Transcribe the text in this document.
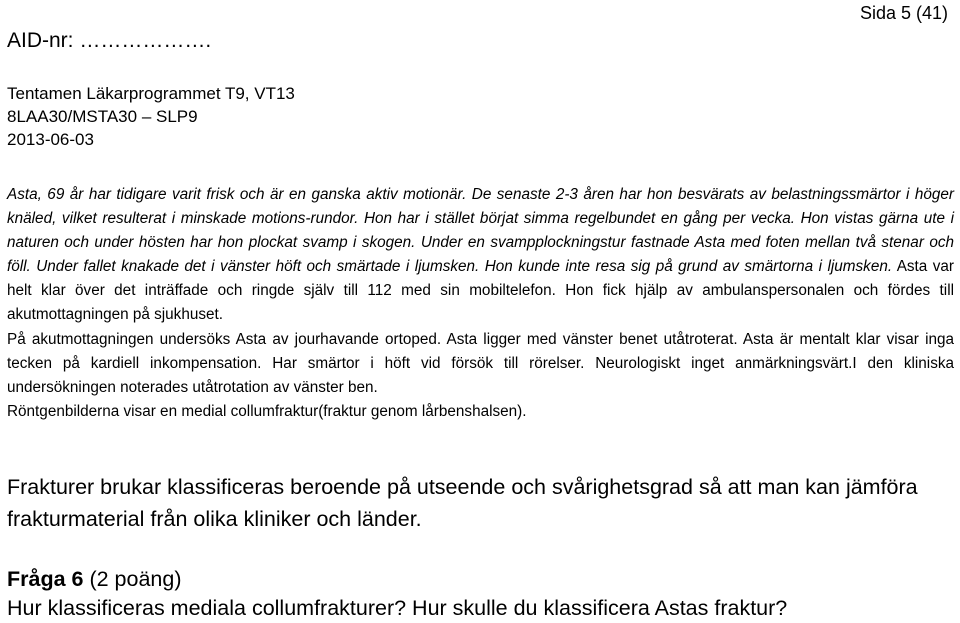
AID-nr: ……………….
Sida 5 (41)
Tentamen Läkarprogrammet T9, VT13
8LAA30/MSTA30 – SLP9
2013-06-03

Asta, 69 år har tidigare varit frisk och är en ganska aktiv motionär. De senaste 2-3 åren har hon besvärats av belastningssmärtor i höger knäled, vilket resulterat i minskade motions-rundor. Hon har i stället börjat simma regelbundet en gång per vecka. Hon vistas gärna ute i naturen och under hösten har hon plockat svamp i skogen. Under en svampplockningstur fastnade Asta med foten mellan två stenar och föll. Under fallet knakade det i vänster höft och smärtade i ljumsken. Hon kunde inte resa sig på grund av smärtorna i ljumsken. Asta var helt klar över det inträffade och ringde själv till 112 med sin mobiltelefon. Hon fick hjälp av ambulanspersonalen och fördes till akutmottagningen på sjukhuset.

På akutmottagningen undersöks Asta av jourhavande ortoped. Asta ligger med vänster benet utåtroterat. Asta är mentalt klar visar inga tecken på kardiell inkompensation. Har smärtor i höft vid försök till rörelser. Neurologiskt inget anmärkningsvärt.I den kliniska undersökningen noterades utåtrotation av vänster ben.

Röntgenbilderna visar en medial collumfraktur(fraktur genom lårbenshalsen).

Frakturer brukar klassificeras beroende på utseende och svårighetsgrad så att man kan jämföra frakturmaterial från olika kliniker och länder.
Fråga 6 (2 poäng)
Hur klassificeras mediala collumfrakturer? Hur skulle du klassificera Astas fraktur?
